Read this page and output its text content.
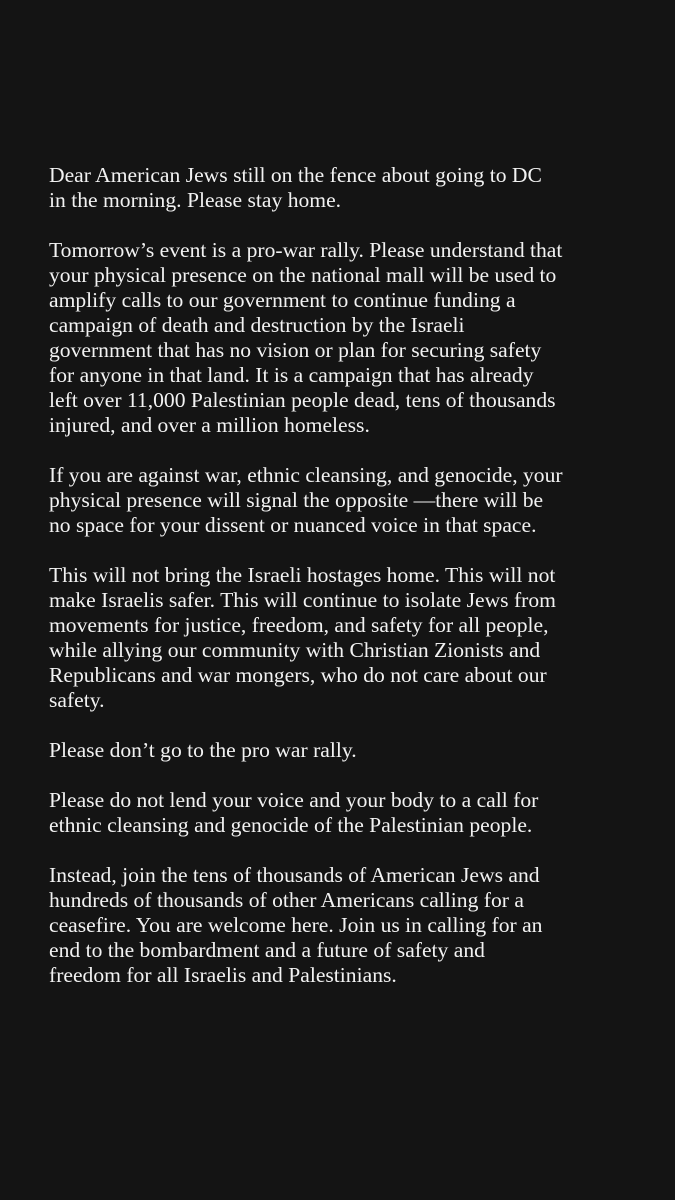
Dear American Jews still on the fence about going to DC
in the morning. Please stay home.

Tomorrow’s event is a pro-war rally. Please understand that
your physical presence on the national mall will be used to
amplify calls to our government to continue funding a
campaign of death and destruction by the Israeli
government that has no vision or plan for securing safety
for anyone in that land. It is a campaign that has already
left over 11,000 Palestinian people dead, tens of thousands
injured, and over a million homeless.

If you are against war, ethnic cleansing, and genocide, your
physical presence will signal the opposite —there will be
no space for your dissent or nuanced voice in that space.

This will not bring the Israeli hostages home. This will not
make Israelis safer. This will continue to isolate Jews from
movements for justice, freedom, and safety for all people,
while allying our community with Christian Zionists and
Republicans and war mongers, who do not care about our
safety.

Please don’t go to the pro war rally.

Please do not lend your voice and your body to a call for
ethnic cleansing and genocide of the Palestinian people.

Instead, join the tens of thousands of American Jews and
hundreds of thousands of other Americans calling for a
ceasefire. You are welcome here. Join us in calling for an
end to the bombardment and a future of safety and
freedom for all Israelis and Palestinians.
